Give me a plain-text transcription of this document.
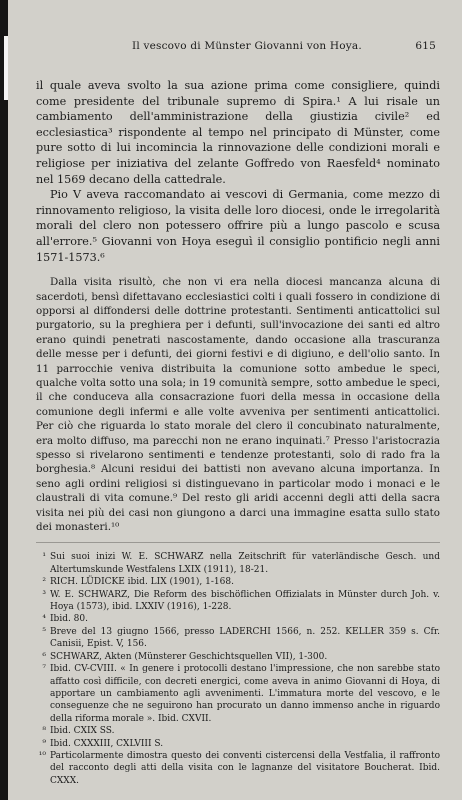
Il vescovo di Münster Giovanni von Hoya.	615

il quale aveva svolto la sua azione prima come consigliere, quindi come presidente del tribunale supremo di Spira.¹ A lui risale un cambiamento dell'amministrazione della giustizia civile² ed ecclesiastica³ rispondente al tempo nel principato di Münster, come pure sotto di lui incomincia la rinnovazione delle condizioni morali e religiose per iniziativa del zelante Goffredo von Raesfeld⁴ nominato nel 1569 decano della cattedrale.

Pio V aveva raccomandato ai vescovi di Germania, come mezzo di rinnovamento religioso, la visita delle loro diocesi, onde le irregolarità morali del clero non potessero offrire più a lungo pascolo e scusa all'errore.⁵ Giovanni von Hoya eseguì il consiglio pontificio negli anni 1571-1573.⁶

Dalla visita risultò, che non vi era nella diocesi mancanza alcuna di sacerdoti, bensì difettavano ecclesiastici colti i quali fossero in condizione di opporsi al diffondersi delle dottrine protestanti. Sentimenti anticattolici sul purgatorio, su la preghiera per i defunti, sull'invocazione dei santi ed altro erano quindi penetrati nascostamente, dando occasione alla trascuranza delle messe per i defunti, dei giorni festivi e di digiuno, e dell'olio santo. In 11 parrocchie veniva distribuita la comunione sotto ambedue le speci, qualche volta sotto una sola; in 19 comunità sempre, sotto ambedue le speci, il che conduceva alla consacrazione fuori della messa in occasione della comunione degli infermi e alle volte avveniva per sentimenti anticattolici. Per ciò che riguarda lo stato morale del clero il concubinato naturalmente, era molto diffuso, ma parecchi non ne erano inquinati.⁷ Presso l'aristocrazia spesso si rivelarono sentimenti e tendenze protestanti, solo di rado fra la borghesia.⁸ Alcuni residui dei battisti non avevano alcuna importanza. In seno agli ordini religiosi si distinguevano in particolar modo i monaci e le claustrali di vita comune.⁹ Del resto gli aridi accenni degli atti della sacra visita nei più dei casi non giungono a darci una immagine esatta sullo stato dei monasteri.¹⁰

¹ Sui suoi inizi W. E. SCHWARZ nella Zeitschrift für vaterländische Gesch. und Altertumskunde Westfalens LXIX (1911), 18-21.

² RICH. LÜDICKE ibid. LIX (1901), 1-168.

³ W. E. SCHWARZ, Die Reform des bischöflichen Offizialats in Münster durch Joh. v. Hoya (1573), ibid. LXXIV (1916), 1-228.

⁴ Ibid. 80.

⁵ Breve del 13 giugno 1566, presso LADERCHI 1566, n. 252. KELLER 359 s. Cfr. Canisii, Epist. V, 156.

⁶ SCHWARZ, Akten (Münsterer Geschichtsquellen VII), 1-300.

⁷ Ibid. CV-CVIII. « In genere i protocolli destano l'impressione, che non sarebbe stato affatto così difficile, con decreti energici, come aveva in animo Giovanni di Hoya, di apportare un cambiamento agli avvenimenti. L'immatura morte del vescovo, e le conseguenze che ne seguirono han procurato un danno immenso anche in riguardo della riforma morale ». Ibid. CXVII.

⁸ Ibid. CXIX SS.

⁹ Ibid. CXXXIII, CXLVIII S.

¹⁰ Particolarmente dimostra questo dei conventi cistercensi della Vestfalia, il raffronto del racconto degli atti della visita con le lagnanze del visitatore Boucherat. Ibid. CXXX.
